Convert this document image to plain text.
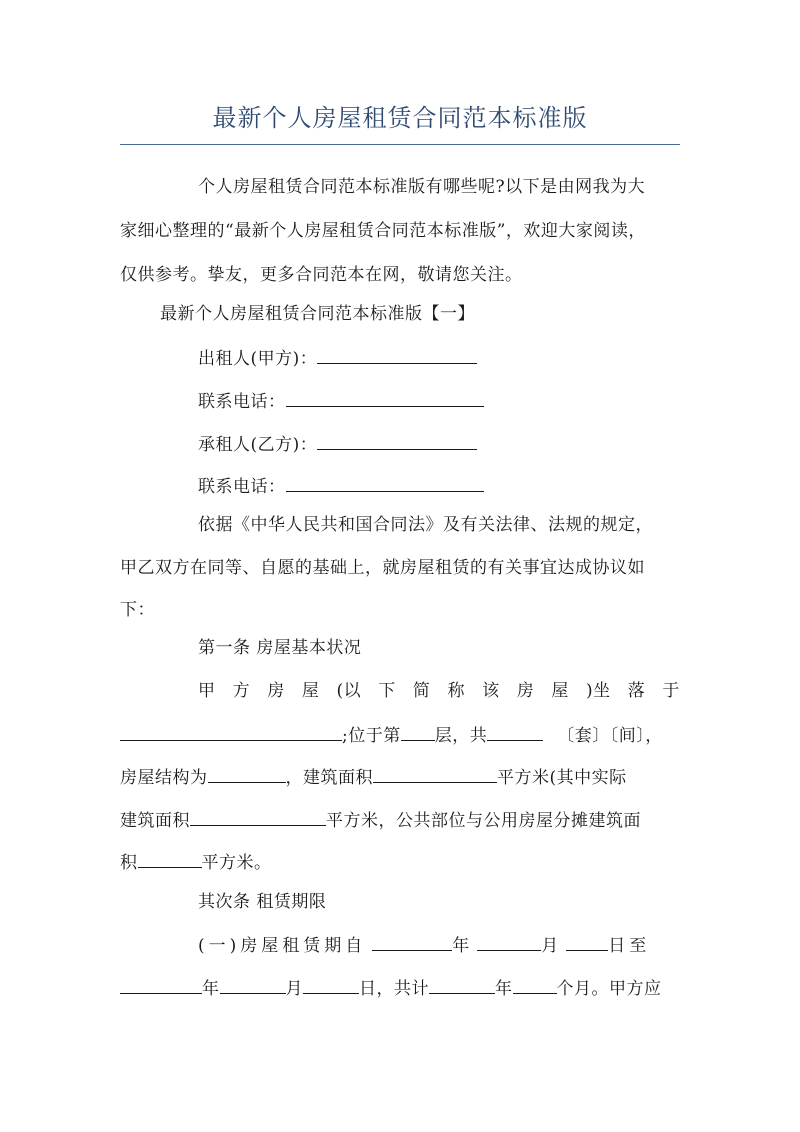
最新个人房屋租赁合同范本标准版
个人房屋租赁合同范本标准版有哪些呢?以下是由网我为大
家细心整理的“最新个人房屋租赁合同范本标准版”，欢迎大家阅读，
仅供参考。挚友，更多合同范本在网，敬请您关注。
最新个人房屋租赁合同范本标准版【一】
出租人(甲方)：
联系电话：
承租人(乙方)：
联系电话：
依据《中华人民共和国合同法》及有关法律、法规的规定，
甲乙双方在同等、自愿的基础上，就房屋租赁的有关事宜达成协议如
下：
第一条 房屋基本状况
甲 方 房 屋 (以 下 简 称 该 房 屋 )坐 落 于
;位于第 层，共	〔套〕〔间〕，
房屋结构为	，建筑面积	平方米(其中实际
建筑面积	平方米，公共部位与公用房屋分摊建筑面
积	平方米。
其次条 租赁期限
(一)房屋租赁期自	年	月	日至
年	月	日，共计	年	个月。甲方应
